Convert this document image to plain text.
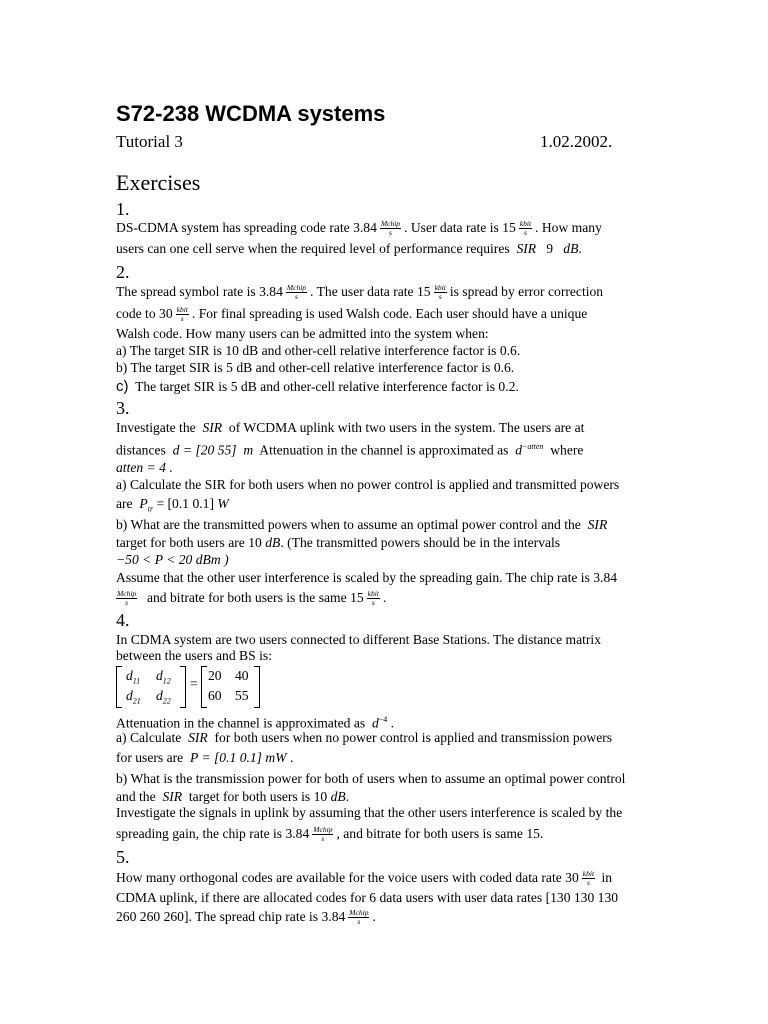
S72-238 WCDMA systems
Tutorial 3	1.02.2002.
Exercises
1.
DS-CDMA system has spreading code rate $3.84 \frac{\text{Mchip}}{s}$ . User data rate is $15 \frac{\text{kbit}}{s}$ . How many
users can one cell serve when the required level of performance requires SIR 9 dB.
2.
The spread symbol rate is $3.84 \frac{\text{Mchip}}{s}$ . The user data rate $15 \frac{\text{kbit}}{s}$ is spread by error correction
code to $30 \frac{\text{kbit}}{s}$ . For final spreading is used Walsh code. Each user should have a unique
Walsh code. How many users can be admitted into the system when:
a) The target SIR is 10 dB and other-cell relative interference factor is 0.6.
b) The target SIR is 5 dB and other-cell relative interference factor is 0.6.
c) The target SIR is 5 dB and other-cell relative interference factor is 0.2.
3.
Investigate the SIR of WCDMA uplink with two users in the system. The users are at
distances d = [20 55] m Attenuation in the channel is approximated as $d^{-atten}$ where
atten = 4 .
a) Calculate the SIR for both users when no power control is applied and transmitted powers
are $P_{tr} = [0.1$ 0.1] W
b) What are the transmitted powers when to assume an optimal power control and the SIR
target for both users are 10 dB. (The transmitted powers should be in the intervals
−50 < P < 20 dBm )
Assume that the other user interference is scaled by the spreading gain. The chip rate is 3.84
$\frac{\text{Mchip}}{s}$ and bitrate for both users is the same $15 \frac{\text{kbit}}{s}$ .
4.
In CDMA system are two users connected to different Base Stations. The distance matrix
between the users and BS is:
$d_{11}$ $d_{12}$
$d_{21}$ $d_{22}$
=
20 40
60 55
Attenuation in the channel is approximated as $d^{-4}$ .
a) Calculate SIR for both users when no power control is applied and transmission powers
for users are P = [0.1 0.1] mW .
b) What is the transmission power for both of users when to assume an optimal power control
and the SIR target for both users is 10 dB.
Investigate the signals in uplink by assuming that the other users interference is scaled by the
spreading gain, the chip rate is $3.84 \frac{\text{Mchip}}{s}$ , and bitrate for both users is same 15.
5.
How many orthogonal codes are available for the voice users with coded data rate $30 \frac{\text{kbit}}{s}$ in
CDMA uplink, if there are allocated codes for 6 data users with user data rates [130 130 130
260 260 260]. The spread chip rate is $3.84 \frac{\text{Mchip}}{s}$ .
